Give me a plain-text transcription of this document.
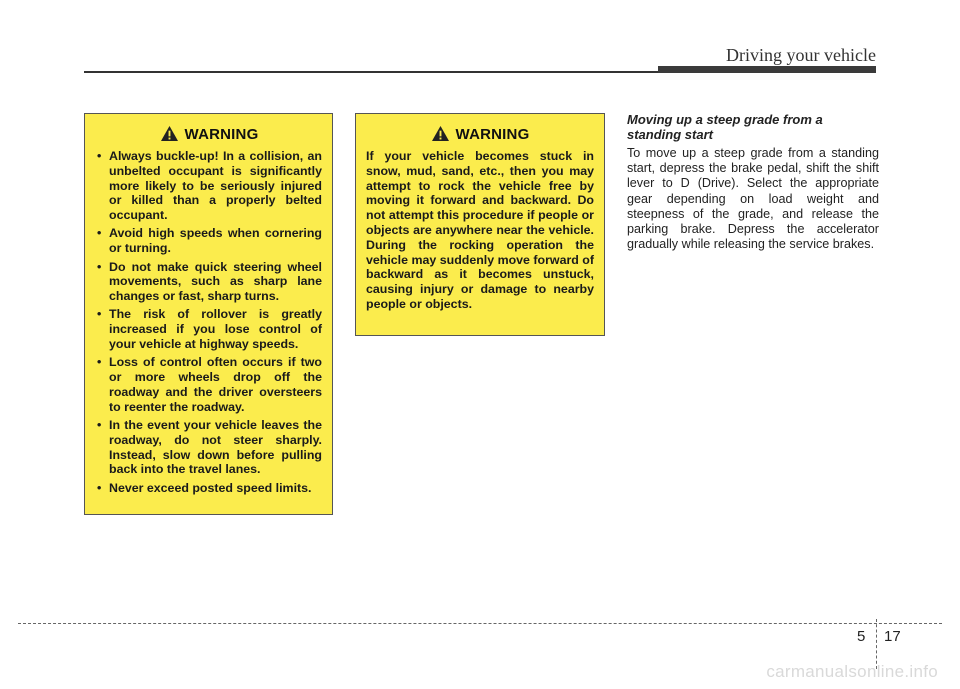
Driving your vehicle
WARNING
• Always buckle-up! In a collision, an unbelted occupant is significantly more likely to be seriously injured or killed than a properly belted occupant.
• Avoid high speeds when cornering or turning.
• Do not make quick steering wheel movements, such as sharp lane changes or fast, sharp turns.
• The risk of rollover is greatly increased if you lose control of your vehicle at highway speeds.
• Loss of control often occurs if two or more wheels drop off the roadway and the driver oversteers to reenter the roadway.
• In the event your vehicle leaves the roadway, do not steer sharply. Instead, slow down before pulling back into the travel lanes.
• Never exceed posted speed limits.
WARNING

If your vehicle becomes stuck in snow, mud, sand, etc., then you may attempt to rock the vehicle free by moving it forward and backward. Do not attempt this procedure if people or objects are anywhere near the vehicle. During the rocking operation the vehicle may suddenly move forward of backward as it becomes unstuck, causing injury or damage to nearby people or objects.

Moving up a steep grade from a standing start
To move up a steep grade from a standing start, depress the brake pedal, shift the shift lever to D (Drive). Select the appropriate gear depending on load weight and steepness of the grade, and release the parking brake. Depress the accelerator gradually while releasing the service brakes.
5 17
carmanualsonline.info
